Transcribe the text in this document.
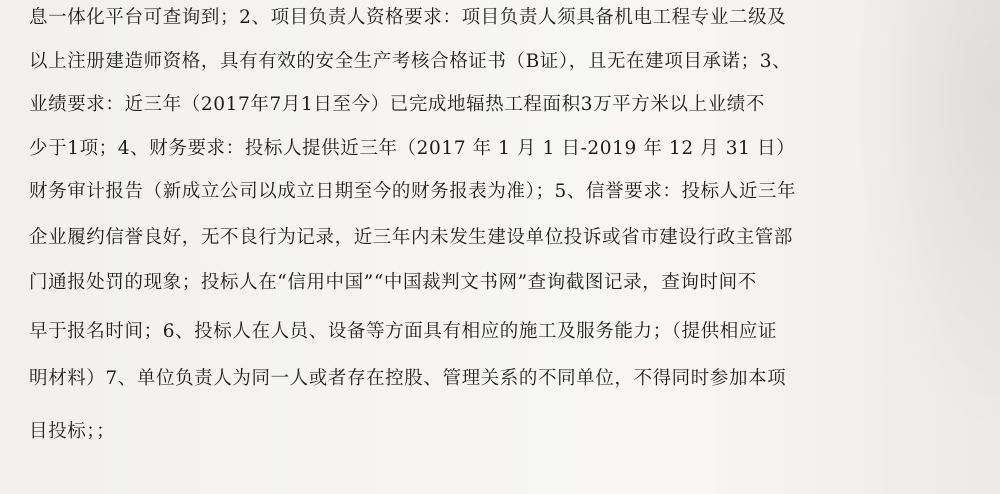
息一体化平台可查询到；2、项目负责人资格要求：项目负责人须具备机电工程专业二级及
以上注册建造师资格，具有有效的安全生产考核合格证书（B证），且无在建项目承诺；3、
业绩要求：近三年（2017年7月1日至今）已完成地辐热工程面积3万平方米以上业绩不
少于1项；4、财务要求：投标人提供近三年（2017 年 1 月 1 日-2019 年 12 月 31 日）
财务审计报告（新成立公司以成立日期至今的财务报表为准）；5、信誉要求：投标人近三年
企业履约信誉良好，无不良行为记录，近三年内未发生建设单位投诉或省市建设行政主管部
门通报处罚的现象；投标人在“信用中国”“中国裁判文书网”查询截图记录，查询时间不
早于报名时间；6、投标人在人员、设备等方面具有相应的施工及服务能力；（提供相应证
明材料）7、单位负责人为同一人或者存在控股、管理关系的不同单位，不得同时参加本项
目投标；；
